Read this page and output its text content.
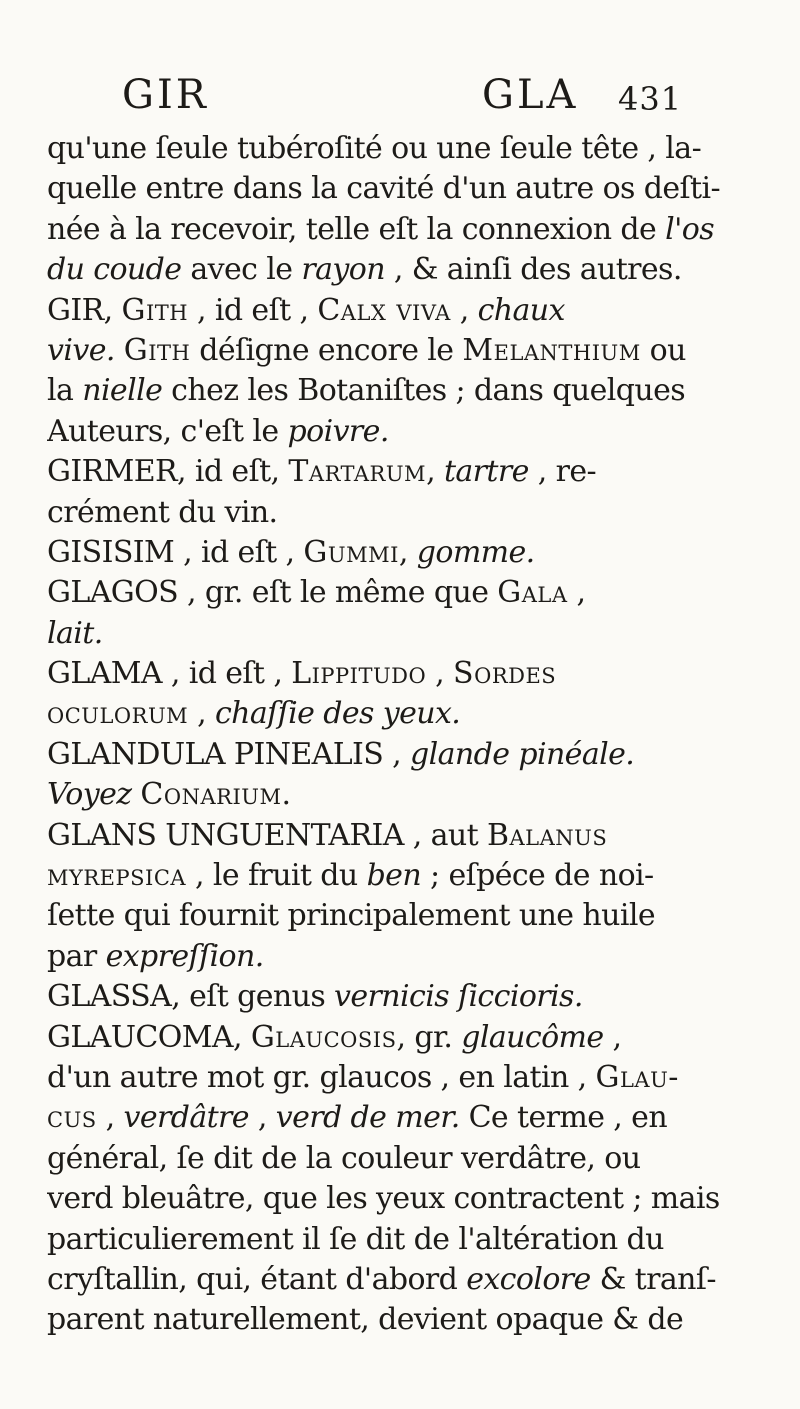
GIR	GLA 431
qu'une ſeule tubéroſité ou une ſeule tête , la-
quelle entre dans la cavité d'un autre os deſti-
née à la recevoir, telle eſt la connexion de l'os
du coude avec le rayon , & ainſi des autres.
GIR, Gith , id eſt , Calx viva , chaux
vive. Gith déſigne encore le Melanthium ou
la nielle chez les Botaniſtes ; dans quelques
Auteurs, c'eſt le poivre.
GIRMER, id eſt, Tartarum, tartre , re-
crément du vin.
GISISIM , id eſt , Gummi, gomme.
GLAGOS , gr. eſt le même que Gala ,
lait.
GLAMA , id eſt , Lippitudo , Sordes
oculorum , chaſſie des yeux.
GLANDULA PINEALIS , glande pinéale.
Voyez Conarium.
GLANS UNGUENTARIA , aut Balanus
myrepsica , le fruit du ben ; eſpéce de noi-
ſette qui fournit principalement une huile
par expreſſion.
GLASSA, eſt genus vernicis ſiccioris.
GLAUCOMA, Glaucosis, gr. glaucôme ,
d'un autre mot gr. glaucos , en latin , Glau-
cus , verdâtre , verd de mer. Ce terme , en
général, ſe dit de la couleur verdâtre, ou
verd bleuâtre, que les yeux contractent ; mais
particulierement il ſe dit de l'altération du
cryſtallin, qui, étant d'abord excolore & tranſ-
parent naturellement, devient opaque & de
